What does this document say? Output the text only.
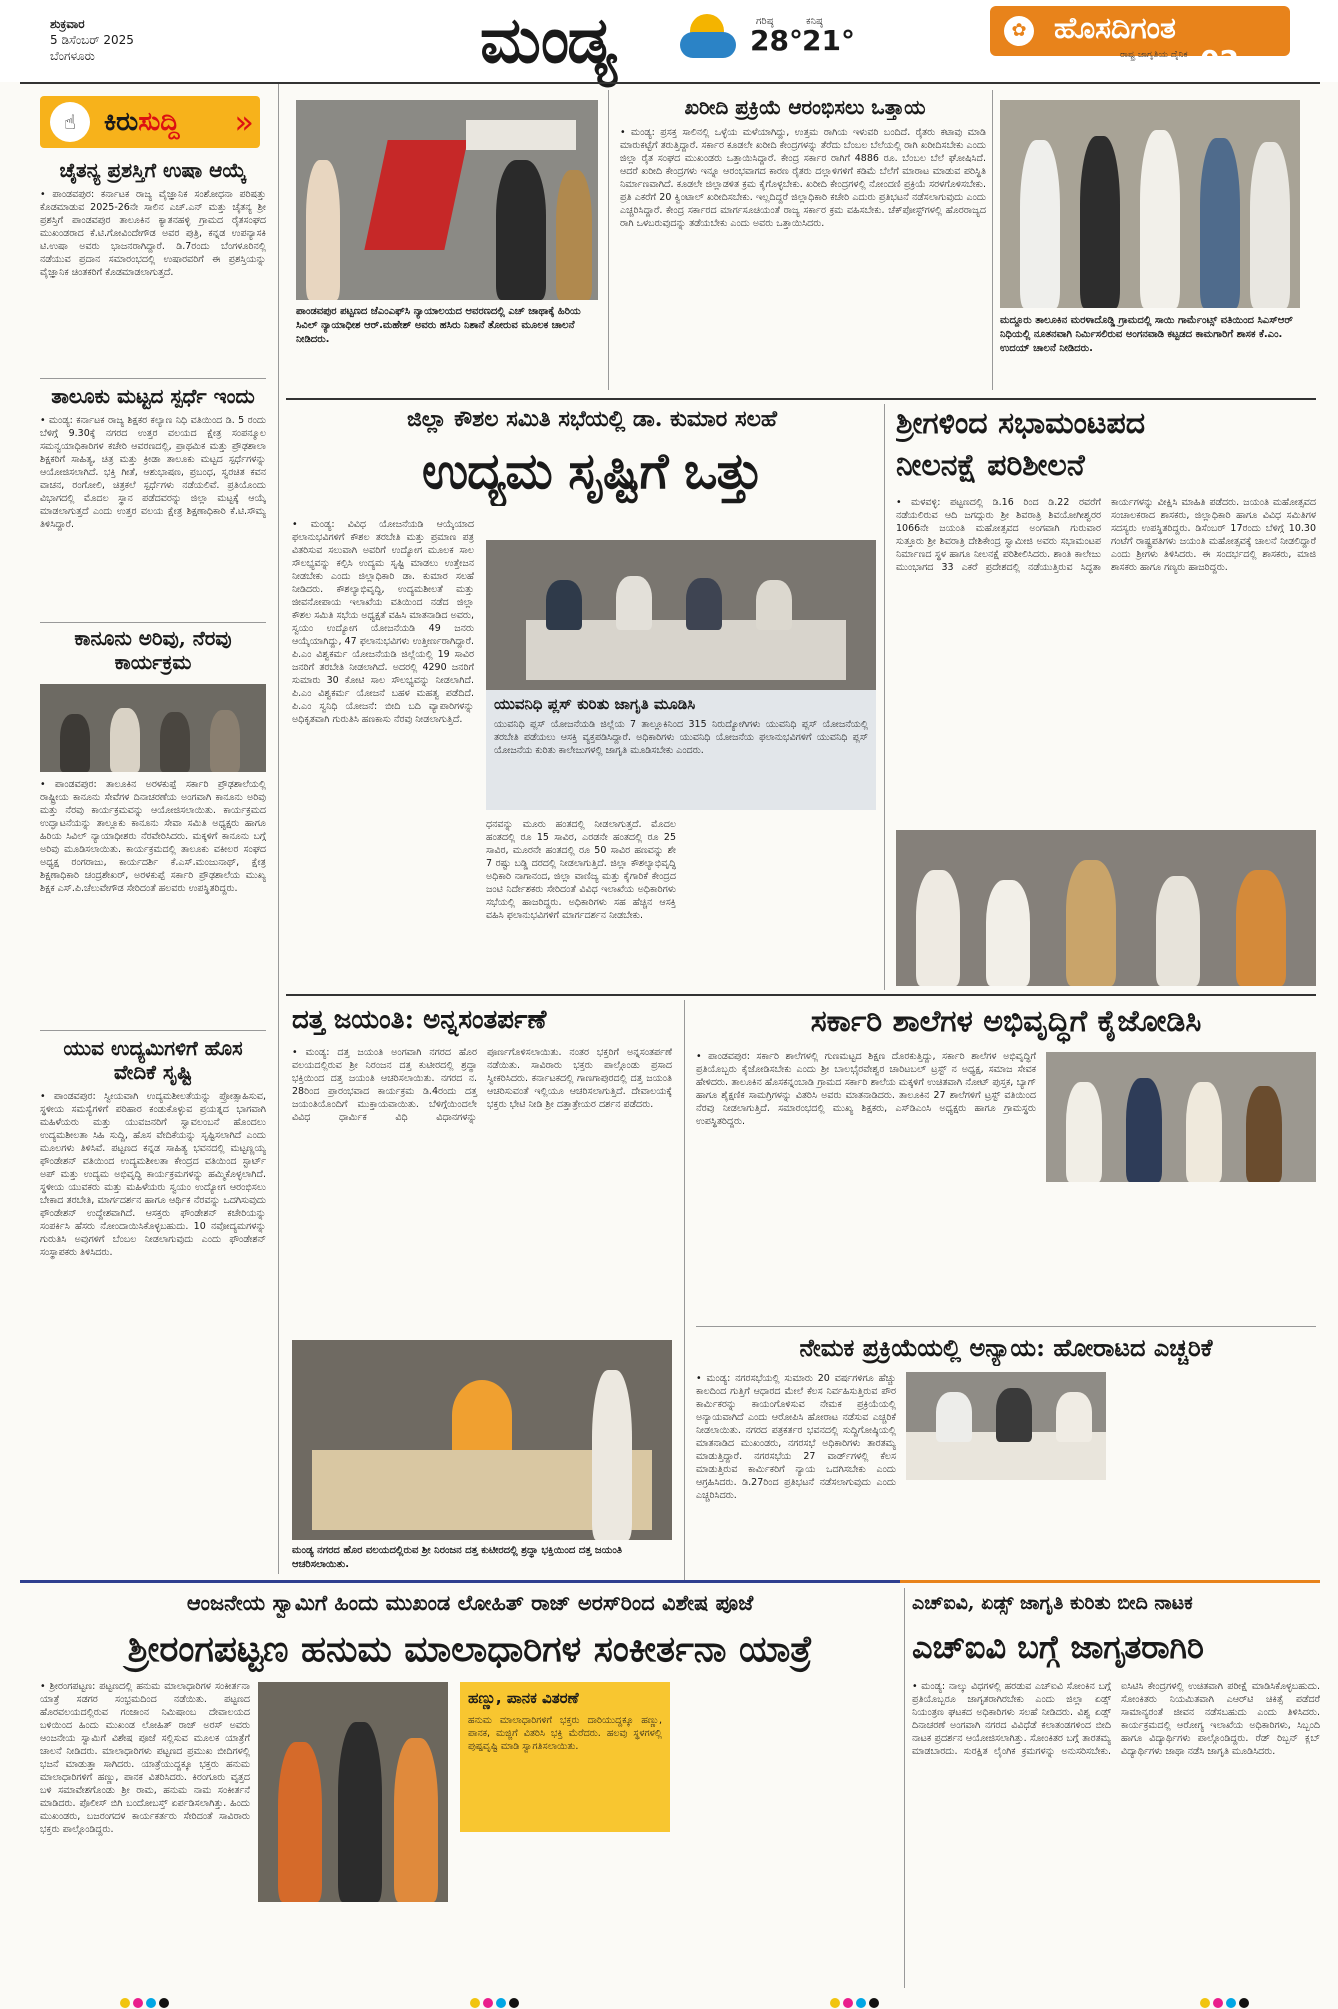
ಶುಕ್ರವಾರ
5 ಡಿಸೆಂಬರ್ 2025
ಬೆಂಗಳೂರು	ಮಂಡ್ಯ	ಗರಿಷ್ಠ
28°
ಕನಿಷ್ಠ
21°	✿ ಹೊಸದಿಗಂತ
ರಾಷ್ಟ್ರ ಜಾಗೃತಿಯ ದೈನಿಕ 02
☝	ಕಿರುಸುದ್ದಿ »
ಚೈತನ್ಯ ಪ್ರಶಸ್ತಿಗೆ ಉಷಾ ಆಯ್ಕೆ
• ಪಾಂಡವಪುರ: ಕರ್ನಾಟಕ ರಾಜ್ಯ ವೈಜ್ಞಾನಿಕ ಸಂಶೋಧನಾ ಪರಿಷತ್ತು ಕೊಡಮಾಡುವ 2025-26ನೇ ಸಾಲಿನ ಎಚ್.ಎನ್ ಮತ್ತು ಚೈತನ್ಯ ಶ್ರೀ ಪ್ರಶಸ್ತಿಗೆ ಪಾಂಡವಪುರ ತಾಲೂಕಿನ ಕ್ಯಾತನಹಳ್ಳಿ ಗ್ರಾಮದ ರೈತಸಂಘದ ಮುಖಂಡರಾದ ಕೆ.ಟಿ.ಗೋವಿಂದೇಗೌಡ ಅವರ ಪುತ್ರಿ, ಕನ್ನಡ ಉಪನ್ಯಾಸಕಿ ಟಿ.ಉಷಾ ಅವರು ಭಾಜನರಾಗಿದ್ದಾರೆ. ಡಿ.7ರಂದು ಬೆಂಗಳೂರಿನಲ್ಲಿ ನಡೆಯುವ ಪ್ರದಾನ ಸಮಾರಂಭದಲ್ಲಿ ಉಷಾರವರಿಗೆ ಈ ಪ್ರಶಸ್ತಿಯನ್ನು ವೈಜ್ಞಾನಿಕ ಚಿಂತಕರಿಗೆ ಕೊಡಮಾಡಲಾಗುತ್ತದೆ.
ತಾಲೂಕು ಮಟ್ಟದ ಸ್ಪರ್ಧೆ ಇಂದು
• ಮಂಡ್ಯ: ಕರ್ನಾಟಕ ರಾಜ್ಯ ಶಿಕ್ಷಕರ ಕಲ್ಯಾಣ ನಿಧಿ ವತಿಯಿಂದ ಡಿ. 5 ರಂದು ಬೆಳಿಗ್ಗೆ 9.30ಕ್ಕೆ ನಗರದ ಉತ್ತರ ವಲಯದ ಕ್ಷೇತ್ರ ಸಂಪನ್ಮೂಲ ಸಮನ್ವಯಾಧಿಕಾರಿಗಳ ಕಚೇರಿ ಆವರಣದಲ್ಲಿ, ಪ್ರಾಥಮಿಕ ಮತ್ತು ಪ್ರೌಢಶಾಲಾ ಶಿಕ್ಷಕರಿಗೆ ಸಾಹಿತ್ಯ, ಚಿತ್ರ ಮತ್ತು ಕ್ರೀಡಾ ತಾಲೂಕು ಮಟ್ಟದ ಸ್ಪರ್ಧೆಗಳನ್ನು ಆಯೋಜಿಸಲಾಗಿದೆ. ಭಕ್ತಿ ಗೀತೆ, ಆಶುಭಾಷಣ, ಪ್ರಬಂಧ, ಸ್ವರಚಿತ ಕವನ ವಾಚನ, ರಂಗೋಲಿ, ಚಿತ್ರಕಲೆ ಸ್ಪರ್ಧೆಗಳು ನಡೆಯಲಿವೆ. ಪ್ರತಿಯೊಂದು ವಿಭಾಗದಲ್ಲಿ ಮೊದಲ ಸ್ಥಾನ ಪಡೆದವರನ್ನು ಜಿಲ್ಲಾ ಮಟ್ಟಕ್ಕೆ ಆಯ್ಕೆ ಮಾಡಲಾಗುತ್ತದೆ ಎಂದು ಉತ್ತರ ವಲಯ ಕ್ಷೇತ್ರ ಶಿಕ್ಷಣಾಧಿಕಾರಿ ಕೆ.ಟಿ.ಸೌಮ್ಯ ತಿಳಿಸಿದ್ದಾರೆ.
ಕಾನೂನು ಅರಿವು, ನೆರವು ಕಾರ್ಯಕ್ರಮ
• ಪಾಂಡವಪುರ: ತಾಲೂಕಿನ ಅರಳಕುಪ್ಪೆ ಸರ್ಕಾರಿ ಪ್ರೌಢಶಾಲೆಯಲ್ಲಿ ರಾಷ್ಟ್ರೀಯ ಕಾನೂನು ಸೇವೆಗಳ ದಿನಾಚರಣೆಯ ಅಂಗವಾಗಿ ಕಾನೂನು ಅರಿವು ಮತ್ತು ನೆರವು ಕಾರ್ಯಕ್ರಮವನ್ನು ಆಯೋಜಿಸಲಾಯಿತು. ಕಾರ್ಯಕ್ರಮದ ಉದ್ಘಾಟನೆಯನ್ನು ತಾಲ್ಲೂಕು ಕಾನೂನು ಸೇವಾ ಸಮಿತಿ ಅಧ್ಯಕ್ಷರು ಹಾಗೂ ಹಿರಿಯ ಸಿವಿಲ್ ನ್ಯಾಯಾಧೀಶರು ನೆರವೇರಿಸಿದರು. ಮಕ್ಕಳಿಗೆ ಕಾನೂನು ಬಗ್ಗೆ ಅರಿವು ಮೂಡಿಸಲಾಯಿತು. ಕಾರ್ಯಕ್ರಮದಲ್ಲಿ ತಾಲೂಕು ವಕೀಲರ ಸಂಘದ ಅಧ್ಯಕ್ಷ ರಂಗರಾಜು, ಕಾರ್ಯದರ್ಶಿ ಕೆ.ಎಸ್.ಮಂಜುನಾಥ್, ಕ್ಷೇತ್ರ ಶಿಕ್ಷಣಾಧಿಕಾರಿ ಚಂದ್ರಶೇಖರ್, ಅರಳಕುಪ್ಪೆ ಸರ್ಕಾರಿ ಪ್ರೌಢಶಾಲೆಯ ಮುಖ್ಯ ಶಿಕ್ಷಕ ಎಸ್.ಪಿ.ಚೆಲುವೇಗೌಡ ಸೇರಿದಂತೆ ಹಲವರು ಉಪಸ್ಥಿತರಿದ್ದರು.
ಯುವ ಉದ್ಯಮಿಗಳಿಗೆ ಹೊಸ ವೇದಿಕೆ ಸೃಷ್ಟಿ
• ಪಾಂಡವಪುರ: ಸ್ವೀಯವಾಗಿ ಉದ್ಯಮಶೀಲತೆಯನ್ನು ಪ್ರೋತ್ಸಾಹಿಸುವ, ಸ್ಥಳೀಯ ಸಮಸ್ಯೆಗಳಿಗೆ ಪರಿಹಾರ ಕಂಡುಕೊಳ್ಳುವ ಪ್ರಯತ್ನದ ಭಾಗವಾಗಿ ಮಹಿಳೆಯರು ಮತ್ತು ಯುವಜನರಿಗೆ ಸ್ವಾವಲಂಬನೆ ಹೊಂದಲು ಉದ್ಯಮಶೀಲತಾ ಸಿಹಿ ಸುದ್ದಿ, ಹೊಸ ವೇದಿಕೆಯನ್ನು ಸೃಷ್ಟಿಸಲಾಗಿದೆ ಎಂದು ಮೂಲಗಳು ತಿಳಿಸಿವೆ. ಪಟ್ಟಣದ ಕನ್ನಡ ಸಾಹಿತ್ಯ ಭವನದಲ್ಲಿ ಮಟ್ಟಣ್ಣಯ್ಯ ಫೌಂಡೇಶನ್ ವತಿಯಿಂದ ಉದ್ಯಮಶೀಲತಾ ಕೇಂದ್ರದ ವತಿಯಿಂದ ಸ್ಟಾರ್ಟ್ ಅಪ್ ಮತ್ತು ಉದ್ಯಮ ಅಭಿವೃದ್ಧಿ ಕಾರ್ಯಕ್ರಮಗಳನ್ನು ಹಮ್ಮಿಕೊಳ್ಳಲಾಗಿದೆ. ಸ್ಥಳೀಯ ಯುವಕರು ಮತ್ತು ಮಹಿಳೆಯರು ಸ್ವಯಂ ಉದ್ಯೋಗ ಆರಂಭಿಸಲು ಬೇಕಾದ ತರಬೇತಿ, ಮಾರ್ಗದರ್ಶನ ಹಾಗೂ ಆರ್ಥಿಕ ನೆರವನ್ನು ಒದಗಿಸುವುದು ಫೌಂಡೇಶನ್ ಉದ್ದೇಶವಾಗಿದೆ. ಆಸಕ್ತರು ಫೌಂಡೇಶನ್ ಕಚೇರಿಯನ್ನು ಸಂಪರ್ಕಿಸಿ ಹೆಸರು ನೋಂದಾಯಿಸಿಕೊಳ್ಳಬಹುದು. 10 ನವೋದ್ಯಮಗಳನ್ನು ಗುರುತಿಸಿ ಅವುಗಳಿಗೆ ಬೆಂಬಲ ನೀಡಲಾಗುವುದು ಎಂದು ಫೌಂಡೇಶನ್ ಸಂಸ್ಥಾಪಕರು ತಿಳಿಸಿದರು.
ಪಾಂಡವಪುರ ಪಟ್ಟಣದ ಜೆಎಂಎಫ್‌ಸಿ ನ್ಯಾಯಾಲಯದ ಆವರಣದಲ್ಲಿ ಎಚ್ ಜಾಥಾಕ್ಕೆ ಹಿರಿಯ ಸಿವಿಲ್ ನ್ಯಾಯಾಧೀಶ ಆರ್.ಮಹೇಶ್ ಅವರು ಹಸಿರು ನಿಶಾನೆ ತೋರುವ ಮೂಲಕ ಚಾಲನೆ ನೀಡಿದರು.
ಖರೀದಿ ಪ್ರಕ್ರಿಯೆ ಆರಂಭಿಸಲು ಒತ್ತಾಯ
• ಮಂಡ್ಯ: ಪ್ರಸಕ್ತ ಸಾಲಿನಲ್ಲಿ ಒಳ್ಳೆಯ ಮಳೆಯಾಗಿದ್ದು, ಉತ್ತಮ ರಾಗಿಯ ಇಳುವರಿ ಬಂದಿದೆ. ರೈತರು ಕಟಾವು ಮಾಡಿ ಮಾರುಕಟ್ಟೆಗೆ ತರುತ್ತಿದ್ದಾರೆ. ಸರ್ಕಾರ ಕೂಡಲೇ ಖರೀದಿ ಕೇಂದ್ರಗಳನ್ನು ತೆರೆದು ಬೆಂಬಲ ಬೆಲೆಯಲ್ಲಿ ರಾಗಿ ಖರೀದಿಸಬೇಕು ಎಂದು ಜಿಲ್ಲಾ ರೈತ ಸಂಘದ ಮುಖಂಡರು ಒತ್ತಾಯಿಸಿದ್ದಾರೆ. ಕೇಂದ್ರ ಸರ್ಕಾರ ರಾಗಿಗೆ 4886 ರೂ. ಬೆಂಬಲ ಬೆಲೆ ಘೋಷಿಸಿದೆ. ಆದರೆ ಖರೀದಿ ಕೇಂದ್ರಗಳು ಇನ್ನೂ ಆರಂಭವಾಗದ ಕಾರಣ ರೈತರು ದಲ್ಲಾಳಿಗಳಿಗೆ ಕಡಿಮೆ ಬೆಲೆಗೆ ಮಾರಾಟ ಮಾಡುವ ಪರಿಸ್ಥಿತಿ ನಿರ್ಮಾಣವಾಗಿದೆ. ಕೂಡಲೇ ಜಿಲ್ಲಾಡಳಿತ ಕ್ರಮ ಕೈಗೊಳ್ಳಬೇಕು. ಖರೀದಿ ಕೇಂದ್ರಗಳಲ್ಲಿ ನೋಂದಣಿ ಪ್ರಕ್ರಿಯೆ ಸರಳಗೊಳಿಸಬೇಕು. ಪ್ರತಿ ಎಕರೆಗೆ 20 ಕ್ವಿಂಟಾಲ್ ಖರೀದಿಸಬೇಕು. ಇಲ್ಲದಿದ್ದರೆ ಜಿಲ್ಲಾಧಿಕಾರಿ ಕಚೇರಿ ಎದುರು ಪ್ರತಿಭಟನೆ ನಡೆಸಲಾಗುವುದು ಎಂದು ಎಚ್ಚರಿಸಿದ್ದಾರೆ. ಕೇಂದ್ರ ಸರ್ಕಾರದ ಮಾರ್ಗಸೂಚಿಯಂತೆ ರಾಜ್ಯ ಸರ್ಕಾರ ಕ್ರಮ ವಹಿಸಬೇಕು. ಚೆಕ್‌ಪೋಸ್ಟ್‌ಗಳಲ್ಲಿ ಹೊರರಾಜ್ಯದ ರಾಗಿ ಒಳಬರುವುದನ್ನು ತಡೆಯಬೇಕು ಎಂದು ಅವರು ಒತ್ತಾಯಿಸಿದರು.
ಮದ್ದೂರು ತಾಲೂಕಿನ ಮರಳಾದೊಡ್ಡಿ ಗ್ರಾಮದಲ್ಲಿ ಸಾಯಿ ಗಾರ್ಮೆಂಟ್ಸ್ ವತಿಯಿಂದ ಸಿಎಸ್‌ಆರ್ ನಿಧಿಯಲ್ಲಿ ನೂತನವಾಗಿ ನಿರ್ಮಿಸಲಿರುವ ಅಂಗನವಾಡಿ ಕಟ್ಟಡದ ಕಾಮಗಾರಿಗೆ ಶಾಸಕ ಕೆ.ಎಂ. ಉದಯ್ ಚಾಲನೆ ನೀಡಿದರು.
ಜಿಲ್ಲಾ ಕೌಶಲ ಸಮಿತಿ ಸಭೆಯಲ್ಲಿ ಡಾ. ಕುಮಾರ ಸಲಹೆ
ಉದ್ಯಮ ಸೃಷ್ಟಿಗೆ ಒತ್ತು
• ಮಂಡ್ಯ: ವಿವಿಧ ಯೋಜನೆಯಡಿ ಆಯ್ಕೆಯಾದ ಫಲಾನುಭವಿಗಳಿಗೆ ಕೌಶಲ ತರಬೇತಿ ಮತ್ತು ಪ್ರಮಾಣ ಪತ್ರ ವಿತರಿಸುವ ಸಲುವಾಗಿ ಅವರಿಗೆ ಉದ್ಯೋಗ ಮೂಲಕ ಸಾಲ ಸೌಲಭ್ಯವನ್ನು ಕಲ್ಪಿಸಿ ಉದ್ಯಮ ಸೃಷ್ಟಿ ಮಾಡಲು ಉತ್ತೇಜನ ನೀಡಬೇಕು ಎಂದು ಜಿಲ್ಲಾಧಿಕಾರಿ ಡಾ. ಕುಮಾರ ಸಲಹೆ ನೀಡಿದರು. ಕೌಶಲ್ಯಾಭಿವೃದ್ಧಿ, ಉದ್ಯಮಶೀಲತೆ ಮತ್ತು ಜೀವನೋಪಾಯ ಇಲಾಖೆಯ ವತಿಯಿಂದ ನಡೆದ ಜಿಲ್ಲಾ ಕೌಶಲ ಸಮಿತಿ ಸಭೆಯ ಅಧ್ಯಕ್ಷತೆ ವಹಿಸಿ ಮಾತನಾಡಿದ ಅವರು, ಸ್ವಯಂ ಉದ್ಯೋಗ ಯೋಜನೆಯಡಿ 49 ಜನರು ಆಯ್ಕೆಯಾಗಿದ್ದು, 47 ಫಲಾನುಭವಿಗಳು ಉತ್ತೀರ್ಣರಾಗಿದ್ದಾರೆ. ಪಿ.ಎಂ ವಿಶ್ವಕರ್ಮ ಯೋಜನೆಯಡಿ ಜಿಲ್ಲೆಯಲ್ಲಿ 19 ಸಾವಿರ ಜನರಿಗೆ ತರಬೇತಿ ನೀಡಲಾಗಿದೆ. ಅದರಲ್ಲಿ 4290 ಜನರಿಗೆ ಸುಮಾರು 30 ಕೋಟಿ ಸಾಲ ಸೌಲಭ್ಯವನ್ನು ನೀಡಲಾಗಿದೆ. ಪಿ.ಎಂ ವಿಶ್ವಕರ್ಮ ಯೋಜನೆ ಬಹಳ ಮಹತ್ವ ಪಡೆದಿದೆ. ಪಿ.ಎಂ ಸ್ವನಿಧಿ ಯೋಜನೆ: ಬೀದಿ ಬದಿ ವ್ಯಾಪಾರಿಗಳನ್ನು ಅಧಿಕೃತವಾಗಿ ಗುರುತಿಸಿ ಹಣಕಾಸು ನೆರವು ನೀಡಲಾಗುತ್ತಿದೆ.
ಯುವನಿಧಿ ಪ್ಲಸ್ ಕುರಿತು ಜಾಗೃತಿ ಮೂಡಿಸಿ
ಯುವನಿಧಿ ಪ್ಲಸ್ ಯೋಜನೆಯಡಿ ಜಿಲ್ಲೆಯ 7 ತಾಲ್ಲೂಕಿನಿಂದ 315 ನಿರುದ್ಯೋಗಿಗಳು ಯುವನಿಧಿ ಪ್ಲಸ್ ಯೋಜನೆಯಲ್ಲಿ ತರಬೇತಿ ಪಡೆಯಲು ಆಸಕ್ತಿ ವ್ಯಕ್ತಪಡಿಸಿದ್ದಾರೆ. ಅಧಿಕಾರಿಗಳು ಯುವನಿಧಿ ಯೋಜನೆಯ ಫಲಾನುಭವಿಗಳಿಗೆ ಯುವನಿಧಿ ಪ್ಲಸ್ ಯೋಜನೆಯ ಕುರಿತು ಕಾಲೇಜುಗಳಲ್ಲಿ ಜಾಗೃತಿ ಮೂಡಿಸಬೇಕು ಎಂದರು.
ಧನವನ್ನು ಮೂರು ಹಂತದಲ್ಲಿ ನೀಡಲಾಗುತ್ತದೆ. ಮೊದಲ ಹಂತದಲ್ಲಿ ರೂ 15 ಸಾವಿರ, ಎರಡನೇ ಹಂತದಲ್ಲಿ ರೂ 25 ಸಾವಿರ, ಮೂರನೇ ಹಂತದಲ್ಲಿ ರೂ 50 ಸಾವಿರ ಹಣವನ್ನು ಶೇ 7 ರಷ್ಟು ಬಡ್ಡಿ ದರದಲ್ಲಿ ನೀಡಲಾಗುತ್ತಿದೆ. ಜಿಲ್ಲಾ ಕೌಶಲ್ಯಾಭಿವೃದ್ಧಿ ಅಧಿಕಾರಿ ನಾಗಾನಂದ, ಜಿಲ್ಲಾ ವಾಣಿಜ್ಯ ಮತ್ತು ಕೈಗಾರಿಕೆ ಕೇಂದ್ರದ ಜಂಟಿ ನಿರ್ದೇಶಕರು ಸೇರಿದಂತೆ ವಿವಿಧ ಇಲಾಖೆಯ ಅಧಿಕಾರಿಗಳು ಸಭೆಯಲ್ಲಿ ಹಾಜರಿದ್ದರು. ಅಧಿಕಾರಿಗಳು ಸಹ ಹೆಚ್ಚಿನ ಆಸಕ್ತಿ ವಹಿಸಿ ಫಲಾನುಭವಿಗಳಿಗೆ ಮಾರ್ಗದರ್ಶನ ನೀಡಬೇಕು.
ಶ್ರೀಗಳಿಂದ ಸಭಾಮಂಟಪದ
ನೀಲನಕ್ಷೆ ಪರಿಶೀಲನೆ
• ಮಳವಳ್ಳಿ: ಪಟ್ಟಣದಲ್ಲಿ ಡಿ.16 ರಿಂದ ಡಿ.22 ರವರೆಗೆ ನಡೆಯಲಿರುವ ಆದಿ ಜಗದ್ಗುರು ಶ್ರೀ ಶಿವರಾತ್ರಿ ಶಿವಯೋಗೀಶ್ವರರ 1066ನೇ ಜಯಂತಿ ಮಹೋತ್ಸವದ ಅಂಗವಾಗಿ ಗುರುವಾರ ಸುತ್ತೂರು ಶ್ರೀ ಶಿವರಾತ್ರಿ ದೇಶಿಕೇಂದ್ರ ಸ್ವಾಮೀಜಿ ಅವರು ಸಭಾಮಂಟಪ ನಿರ್ಮಾಣದ ಸ್ಥಳ ಹಾಗೂ ನೀಲನಕ್ಷೆ ಪರಿಶೀಲಿಸಿದರು. ಶಾಂತಿ ಕಾಲೇಜು ಮುಂಭಾಗದ 33 ಎಕರೆ ಪ್ರದೇಶದಲ್ಲಿ ನಡೆಯುತ್ತಿರುವ ಸಿದ್ಧತಾ ಕಾರ್ಯಗಳನ್ನು ವೀಕ್ಷಿಸಿ ಮಾಹಿತಿ ಪಡೆದರು. ಜಯಂತಿ ಮಹೋತ್ಸವದ ಸಂಚಾಲಕರಾದ ಶಾಸಕರು, ಜಿಲ್ಲಾಧಿಕಾರಿ ಹಾಗೂ ವಿವಿಧ ಸಮಿತಿಗಳ ಸದಸ್ಯರು ಉಪಸ್ಥಿತರಿದ್ದರು. ಡಿಸೆಂಬರ್ 17ರಂದು ಬೆಳಿಗ್ಗೆ 10.30 ಗಂಟೆಗೆ ರಾಷ್ಟ್ರಪತಿಗಳು ಜಯಂತಿ ಮಹೋತ್ಸವಕ್ಕೆ ಚಾಲನೆ ನೀಡಲಿದ್ದಾರೆ ಎಂದು ಶ್ರೀಗಳು ತಿಳಿಸಿದರು. ಈ ಸಂದರ್ಭದಲ್ಲಿ ಶಾಸಕರು, ಮಾಜಿ ಶಾಸಕರು ಹಾಗೂ ಗಣ್ಯರು ಹಾಜರಿದ್ದರು.
ದತ್ತ ಜಯಂತಿ: ಅನ್ನಸಂತರ್ಪಣೆ
• ಮಂಡ್ಯ: ದತ್ತ ಜಯಂತಿ ಅಂಗವಾಗಿ ನಗರದ ಹೊರ ವಲಯದಲ್ಲಿರುವ ಶ್ರೀ ನಿರಂಜನ ದತ್ತ ಕುಟೀರದಲ್ಲಿ ಶ್ರದ್ಧಾ ಭಕ್ತಿಯಿಂದ ದತ್ತ ಜಯಂತಿ ಆಚರಿಸಲಾಯಿತು. ನಗರದ ನ. 28ರಿಂದ ಪ್ರಾರಂಭವಾದ ಕಾರ್ಯಕ್ರಮ ಡಿ.4ರಂದು ದತ್ತ ಜಯಂತಿಯೊಂದಿಗೆ ಮುಕ್ತಾಯವಾಯಿತು. ಬೆಳಿಗ್ಗೆಯಿಂದಲೇ ವಿವಿಧ ಧಾರ್ಮಿಕ ವಿಧಿ ವಿಧಾನಗಳನ್ನು ಪೂರ್ಣಗೊಳಿಸಲಾಯಿತು. ನಂತರ ಭಕ್ತರಿಗೆ ಅನ್ನಸಂತರ್ಪಣೆ ನಡೆಯಿತು. ಸಾವಿರಾರು ಭಕ್ತರು ಪಾಲ್ಗೊಂಡು ಪ್ರಸಾದ ಸ್ವೀಕರಿಸಿದರು. ಕರ್ನಾಟಕದಲ್ಲಿ ಗಾಣಗಾಪುರದಲ್ಲಿ ದತ್ತ ಜಯಂತಿ ಆಚರಿಸುವಂತೆ ಇಲ್ಲಿಯೂ ಆಚರಿಸಲಾಗುತ್ತಿದೆ. ದೇವಾಲಯಕ್ಕೆ ಭಕ್ತರು ಭೇಟಿ ನೀಡಿ ಶ್ರೀ ದತ್ತಾತ್ರೇಯರ ದರ್ಶನ ಪಡೆದರು.
ಮಂಡ್ಯ ನಗರದ ಹೊರ ವಲಯದಲ್ಲಿರುವ ಶ್ರೀ ನಿರಂಜನ ದತ್ತ ಕುಟೀರದಲ್ಲಿ ಶ್ರದ್ಧಾ ಭಕ್ತಿಯಿಂದ ದತ್ತ ಜಯಂತಿ ಆಚರಿಸಲಾಯಿತು.
ಸರ್ಕಾರಿ ಶಾಲೆಗಳ ಅಭಿವೃದ್ಧಿಗೆ ಕೈಜೋಡಿಸಿ
• ಪಾಂಡವಪುರ: ಸರ್ಕಾರಿ ಶಾಲೆಗಳಲ್ಲಿ ಗುಣಮಟ್ಟದ ಶಿಕ್ಷಣ ದೊರಕುತ್ತಿದ್ದು, ಸರ್ಕಾರಿ ಶಾಲೆಗಳ ಅಭಿವೃದ್ಧಿಗೆ ಪ್ರತಿಯೊಬ್ಬರು ಕೈಜೋಡಿಸಬೇಕು ಎಂದು ಶ್ರೀ ಬಾಲಭೈರವೇಶ್ವರ ಚಾರಿಟಬಲ್ ಟ್ರಸ್ಟ್ ನ ಅಧ್ಯಕ್ಷ, ಸಮಾಜ ಸೇವಕ ಹೇಳಿದರು. ತಾಲೂಕಿನ ಹೊಸಕನ್ನಂಬಾಡಿ ಗ್ರಾಮದ ಸರ್ಕಾರಿ ಶಾಲೆಯ ಮಕ್ಕಳಿಗೆ ಉಚಿತವಾಗಿ ನೋಟ್ ಪುಸ್ತಕ, ಬ್ಯಾಗ್ ಹಾಗೂ ಶೈಕ್ಷಣಿಕ ಸಾಮಗ್ರಿಗಳನ್ನು ವಿತರಿಸಿ ಅವರು ಮಾತನಾಡಿದರು. ತಾಲೂಕಿನ 27 ಶಾಲೆಗಳಿಗೆ ಟ್ರಸ್ಟ್ ವತಿಯಿಂದ ನೆರವು ನೀಡಲಾಗುತ್ತಿದೆ. ಸಮಾರಂಭದಲ್ಲಿ ಮುಖ್ಯ ಶಿಕ್ಷಕರು, ಎಸ್‌ಡಿಎಂಸಿ ಅಧ್ಯಕ್ಷರು ಹಾಗೂ ಗ್ರಾಮಸ್ಥರು ಉಪಸ್ಥಿತರಿದ್ದರು.
ನೇಮಕ ಪ್ರಕ್ರಿಯೆಯಲ್ಲಿ ಅನ್ಯಾಯ: ಹೋರಾಟದ ಎಚ್ಚರಿಕೆ
• ಮಂಡ್ಯ: ನಗರಸಭೆಯಲ್ಲಿ ಸುಮಾರು 20 ವರ್ಷಗಳಿಗೂ ಹೆಚ್ಚು ಕಾಲದಿಂದ ಗುತ್ತಿಗೆ ಆಧಾರದ ಮೇಲೆ ಕೆಲಸ ನಿರ್ವಹಿಸುತ್ತಿರುವ ಪೌರ ಕಾರ್ಮಿಕರನ್ನು ಕಾಯಂಗೊಳಿಸುವ ನೇಮಕ ಪ್ರಕ್ರಿಯೆಯಲ್ಲಿ ಅನ್ಯಾಯವಾಗಿದೆ ಎಂದು ಆರೋಪಿಸಿ ಹೋರಾಟ ನಡೆಸುವ ಎಚ್ಚರಿಕೆ ನೀಡಲಾಯಿತು. ನಗರದ ಪತ್ರಕರ್ತರ ಭವನದಲ್ಲಿ ಸುದ್ದಿಗೋಷ್ಠಿಯಲ್ಲಿ ಮಾತನಾಡಿದ ಮುಖಂಡರು, ನಗರಸಭೆ ಅಧಿಕಾರಿಗಳು ತಾರತಮ್ಯ ಮಾಡುತ್ತಿದ್ದಾರೆ. ನಗರಸಭೆಯ 27 ವಾರ್ಡ್‌ಗಳಲ್ಲಿ ಕೆಲಸ ಮಾಡುತ್ತಿರುವ ಕಾರ್ಮಿಕರಿಗೆ ನ್ಯಾಯ ಒದಗಿಸಬೇಕು ಎಂದು ಆಗ್ರಹಿಸಿದರು. ಡಿ.27ರಿಂದ ಪ್ರತಿಭಟನೆ ನಡೆಸಲಾಗುವುದು ಎಂದು ಎಚ್ಚರಿಸಿದರು.
ಆಂಜನೇಯ ಸ್ವಾಮಿಗೆ ಹಿಂದು ಮುಖಂಡ ಲೋಹಿತ್ ರಾಜ್ ಅರಸ್‌ರಿಂದ ವಿಶೇಷ ಪೂಜೆ
ಶ್ರೀರಂಗಪಟ್ಟಣ ಹನುಮ ಮಾಲಾಧಾರಿಗಳ ಸಂಕೀರ್ತನಾ ಯಾತ್ರೆ
• ಶ್ರೀರಂಗಪಟ್ಟಣ: ಪಟ್ಟಣದಲ್ಲಿ ಹನುಮ ಮಾಲಾಧಾರಿಗಳ ಸಂಕೀರ್ತನಾ ಯಾತ್ರೆ ಸಡಗರ ಸಂಭ್ರಮದಿಂದ ನಡೆಯಿತು. ಪಟ್ಟಣದ ಹೊರವಲಯದಲ್ಲಿರುವ ಗಂಜಾಂನ ನಿಮಿಷಾಂಬ ದೇವಾಲಯದ ಬಳಿಯಿಂದ ಹಿಂದು ಮುಖಂಡ ಲೋಹಿತ್ ರಾಜ್ ಅರಸ್ ಅವರು ಆಂಜನೇಯ ಸ್ವಾಮಿಗೆ ವಿಶೇಷ ಪೂಜೆ ಸಲ್ಲಿಸುವ ಮೂಲಕ ಯಾತ್ರೆಗೆ ಚಾಲನೆ ನೀಡಿದರು. ಮಾಲಾಧಾರಿಗಳು ಪಟ್ಟಣದ ಪ್ರಮುಖ ಬೀದಿಗಳಲ್ಲಿ ಭಜನೆ ಮಾಡುತ್ತಾ ಸಾಗಿದರು. ಯಾತ್ರೆಯುದ್ದಕ್ಕೂ ಭಕ್ತರು ಹನುಮ ಮಾಲಾಧಾರಿಗಳಿಗೆ ಹಣ್ಣು, ಪಾನಕ ವಿತರಿಸಿದರು. ಕಿರಂಗೂರು ವೃತ್ತದ ಬಳಿ ಸಮಾವೇಶಗೊಂಡು ಶ್ರೀ ರಾಮ, ಹನುಮ ನಾಮ ಸಂಕೀರ್ತನೆ ಮಾಡಿದರು. ಪೊಲೀಸ್ ಬಿಗಿ ಬಂದೋಬಸ್ತ್ ಏರ್ಪಡಿಸಲಾಗಿತ್ತು. ಹಿಂದು ಮುಖಂಡರು, ಬಜರಂಗದಳ ಕಾರ್ಯಕರ್ತರು ಸೇರಿದಂತೆ ಸಾವಿರಾರು ಭಕ್ತರು ಪಾಲ್ಗೊಂಡಿದ್ದರು.
ಹಣ್ಣು, ಪಾನಕ ವಿತರಣೆ
ಹನುಮ ಮಾಲಾಧಾರಿಗಳಿಗೆ ಭಕ್ತರು ದಾರಿಯುದ್ದಕ್ಕೂ ಹಣ್ಣು, ಪಾನಕ, ಮಜ್ಜಿಗೆ ವಿತರಿಸಿ ಭಕ್ತಿ ಮೆರೆದರು. ಹಲವು ಸ್ಥಳಗಳಲ್ಲಿ ಪುಷ್ಪವೃಷ್ಟಿ ಮಾಡಿ ಸ್ವಾಗತಿಸಲಾಯಿತು.
ಎಚ್‌ಐವಿ, ಏಡ್ಸ್ ಜಾಗೃತಿ ಕುರಿತು ಬೀದಿ ನಾಟಕ
ಎಚ್‌ಐವಿ ಬಗ್ಗೆ ಜಾಗೃತರಾಗಿರಿ
• ಮಂಡ್ಯ: ನಾಲ್ಕು ವಿಧಗಳಲ್ಲಿ ಹರಡುವ ಎಚ್‌ಐವಿ ಸೋಂಕಿನ ಬಗ್ಗೆ ಪ್ರತಿಯೊಬ್ಬರೂ ಜಾಗೃತರಾಗಿರಬೇಕು ಎಂದು ಜಿಲ್ಲಾ ಏಡ್ಸ್ ನಿಯಂತ್ರಣ ಘಟಕದ ಅಧಿಕಾರಿಗಳು ಸಲಹೆ ನೀಡಿದರು. ವಿಶ್ವ ಏಡ್ಸ್ ದಿನಾಚರಣೆ ಅಂಗವಾಗಿ ನಗರದ ವಿವಿಧೆಡೆ ಕಲಾತಂಡಗಳಿಂದ ಬೀದಿ ನಾಟಕ ಪ್ರದರ್ಶನ ಆಯೋಜಿಸಲಾಗಿತ್ತು. ಸೋಂಕಿತರ ಬಗ್ಗೆ ತಾರತಮ್ಯ ಮಾಡಬಾರದು. ಸುರಕ್ಷಿತ ಲೈಂಗಿಕ ಕ್ರಮಗಳನ್ನು ಅನುಸರಿಸಬೇಕು. ಐಸಿಟಿಸಿ ಕೇಂದ್ರಗಳಲ್ಲಿ ಉಚಿತವಾಗಿ ಪರೀಕ್ಷೆ ಮಾಡಿಸಿಕೊಳ್ಳಬಹುದು. ಸೋಂಕಿತರು ನಿಯಮಿತವಾಗಿ ಎಆರ್‌ಟಿ ಚಿಕಿತ್ಸೆ ಪಡೆದರೆ ಸಾಮಾನ್ಯರಂತೆ ಜೀವನ ನಡೆಸಬಹುದು ಎಂದು ತಿಳಿಸಿದರು. ಕಾರ್ಯಕ್ರಮದಲ್ಲಿ ಆರೋಗ್ಯ ಇಲಾಖೆಯ ಅಧಿಕಾರಿಗಳು, ಸಿಬ್ಬಂದಿ ಹಾಗೂ ವಿದ್ಯಾರ್ಥಿಗಳು ಪಾಲ್ಗೊಂಡಿದ್ದರು. ರೆಡ್ ರಿಬ್ಬನ್ ಕ್ಲಬ್ ವಿದ್ಯಾರ್ಥಿಗಳು ಜಾಥಾ ನಡೆಸಿ ಜಾಗೃತಿ ಮೂಡಿಸಿದರು.
